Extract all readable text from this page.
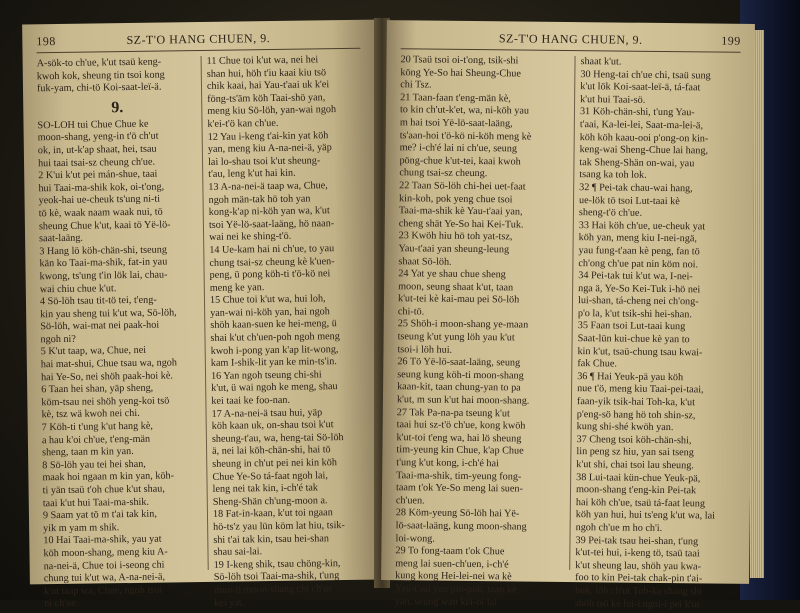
198	SZ-T'O HANG CHUEN, 9.
A-sök-to ch'ue, k'ut tsaü keng-
kwoh kok, sheung tin tsoi kong
fuk-yam, chi-tö Koi-saat-leï-ä.
9.
SO-LOH tui Chue Chue ke
moon-shang, yeng-in t'ö ch'ut
ok, in, ut-k'ap shaat, hei, tsau
hui taai tsai-sz cheung ch'ue.
2 K'ui k'ut pei mán-shue, taai
hui Taai-ma-shik kok, oi-t'ong,
yeok-hai ue-cheuk ts'ung ni-ti
tö kè, waak naam waak nui, tö
sheung Chue k'ut, kaai tö Yë-lö-
saat-laäng.
3 Hang lö köh-chän-shi, tseung
kän ko Taai-ma-shik, fat-in yau
kwong, ts'ung t'in lök lai, chau-
wai chiu chue k'ut.
4 Sö-löh tsau tit-tö tei, t'eng-
kin yau sheng tui k'ut wa, Sö-löh,
Sö-löh, wai-mat nei paak-hoi
ngoh ni?
5 K'ut taap, wa, Chue, nei
hai mat-shui, Chue tsau wa, ngoh
hai Ye-So, nei shöh paak-hoi kè.
6 Taan hei shan, yäp sheng,
köm-tsau nei shöh yeng-koi tsö
kè, tsz wä kwoh nei chi.
7 Köh-ti t'ung k'ut hang kè,
a hau k'oi ch'ue, t'eng-män
sheng, taan m kin yan.
8 Sö-löh yau tei hei shan,
maak hoi ngaan m kin yan, köh-
ti yän tsaü t'oh chue k'ut shau,
taai k'ut hui Taai-ma-shik.
9 Saam yat tö m t'ai tak kin,
yik m yam m shik.
10 Hai Taai-ma-shik, yau yat
köh moon-shang, meng kiu A-
na-nei-ä, Chue toi i-seong chi
chung tui k'ut wa, A-na-nei-ä,
k'ut taap wa, Chue, ngoh tsoi
ni ch'ue.
11 Chue toi k'ut wa, nei hei
shan hui, höh t'iu kaai kiu tsö
chik kaai, hai Yau-t'aai uk k'ei
föng-ts'äm köh Taai-shö yan,
meng kiu Sö-löh, yan-wai ngoh
k'ei-t'ö kan ch'ue.
12 Yau i-keng t'ai-kin yat köh
yan, meng kiu A-na-nei-ä, yäp
lai lo-shau tsoi k'ut sheung-
t'au, leng k'ut hai kin.
13 A-na-nei-ä taap wa, Chue,
ngoh män-tak hö toh yan
kong-k'ap ni-köh yan wa, k'ut
tsoi Yë-lö-saat-laäng, hö naan-
wai nei ke shing-t'ö.
14 Ue-kam hai ni ch'ue, to yau
chung tsai-sz cheung kè k'uen-
peng, ü pong köh-ti t'ö-kö nei
meng ke yan.
15 Chue toi k'ut wa, hui loh,
yan-wai ni-köh yan, hai ngoh
shöh kaan-suen ke hei-meng, ü
shai k'ut ch'uen-poh ngoh meng
kwoh i-pong yan k'ap lit-wong,
kam I-shik-lit yan ke min-ts'in.
16 Yan ngoh tseung chi-shi
k'ut, ü wai ngoh ke meng, shau
kei taai ke foo-nan.
17 A-na-nei-ä tsau hui, yäp
köh kaan uk, on-shau tsoi k'ut
sheung-t'au, wa, heng-tai Sö-löh
ä, nei lai köh-chän-shi, hai tö
sheung in ch'ut pei nei kin köh
Chue Ye-So tá-faat ngoh lai,
leng nei tak kin, i-ch'é tak
Sheng-Shän ch'ung-moon a.
18 Fat-in-kaan, k'ut toi ngaan
hö-ts'z yau lün köm lat hiu, tsik-
shi t'ai tak kin, tsau hei-shan
shau sai-lai.
19 I-keng shik, tsau chöng-kin,
Sö-löh tsoi Taai-ma-shik, t'ung
mun-ti moon-shang chi ch'ue
kei yat.
SZ-T'O HANG CHUEN, 9.	199
20 Tsaü tsoi oi-t'ong, tsik-shi
köng Ye-So hai Sheung-Chue
chi Tsz.
21 Taan-faan t'eng-män kè,
to kin ch'ut-k'et, wa, ni-köh yau
m hai tsoi Yë-lö-saat-laäng,
ts'aan-hoi t'ö-kö ni-köh meng kè
me? i-ch'é lai ni ch'ue, seung
pöng-chue k'ut-tei, kaai kwoh
chung tsai-sz cheung.
22 Taan Sö-löh chi-hei uet-faat
kin-koh, pok yeng chue tsoi
Taai-ma-shik kè Yau-t'aai yan,
cheng shät Ye-So hai Kei-Tuk.
23 Kwöh hiu hö toh yat-tsz,
Yau-t'aai yan sheung-leung
shaat Sö-löh.
24 Yat ye shau chue sheng
moon, seung shaat k'ut, taan
k'ut-tei kè kai-mau pei Sö-löh
chi-tö.
25 Shöh-i moon-shang ye-maan
tseung k'ut yung löh yau k'ut
tsoi-i löh hui.
26 Tö Yë-lö-saat-laäng, seung
seung kung köh-ti moon-shang
kaan-kit, taan chung-yan to pa
k'ut, m sun k'ut hai moon-shang.
27 Tak Pa-na-pa tseung k'ut
taai hui sz-t'ö ch'ue, kong kwöh
k'ut-toi t'eng wa, hai lö sheung
tim-yeung kin Chue, k'ap Chue
t'ung k'ut kong, i-ch'é hai
Taai-ma-shik, tim-yeung fong-
taam t'ok Ye-So meng lai suen-
ch'uen.
28 Köm-yeung Sö-löh hai Yë-
lö-saat-laäng, kung moon-shang
loi-wong.
29 To fong-taam t'ok Chue
meng lai suen-ch'uen, i-ch'é
kung kong Hei-lei-nei wa kè
Yau-t'aai yan pin-pok, taan kè
yan, seung wan kei-oi lai
shaat k'ut.
30 Heng-tai ch'ue chi, tsaü sung
k'ut lök Koi-saat-leï-ä, tá-faat
k'ut hui Taai-sö.
31 Köh-chän-shi, t'ung Yau-
t'aai, Ka-lei-lei, Saat-ma-lei-ä,
köh köh kaau-ooi p'ong-on kin-
keng-wai Sheng-Chue lai hang,
tak Sheng-Shän on-wai, yau
tsang ka toh lok.
32 ¶ Pei-tak chau-wai hang,
ue-lök tö tsoi Lut-taai kè
sheng-t'ö ch'ue.
33 Hai köh ch'ue, ue-cheuk yat
köh yan, meng kiu I-nei-ngä,
yau fung-t'aan kè peng, fan tö
ch'ong ch'ue pat nin köm noi.
34 Pei-tak tui k'ut wa, I-nei-
nga ä, Ye-So Kei-Tuk i-hö nei
lui-shan, tá-cheng nei ch'ong-
p'o la, k'ut tsik-shi hei-shan.
35 Faan tsoi Lut-taai kung
Saat-lün kui-chue kè yan to
kin k'ut, tsaü-chung tsau kwai-
fak Chue.
36 ¶ Hai Yeuk-pä yau köh
nue t'ö, meng kiu Taai-pei-taai,
faan-yik tsik-hai Toh-ka, k'ut
p'eng-sö hang hö toh shin-sz,
kung shi-shé kwöh yan.
37 Cheng tsoi köh-chän-shi,
lin peng sz hiu, yan sai tseng
k'ut shi, chai tsoi lau sheung.
38 Lui-taai kün-chue Yeuk-pä,
moon-shang t'eng-kin Pei-tak
hai köh ch'ue, tsaü tá-faat leung
köh yan hui, hui ts'eng k'ut wa, lai
ngoh ch'ue m ho ch'i.
39 Pei-tak tsau hei-shan, t'ung
k'ut-tei hui, i-keng tö, tsaü taai
k'ut sheung lau, shöh yau kwa-
foo to kin Pei-tak chak-pin t'ai-
huk, löh ch'ut Toh-ka shang shi
shöh tsö kè lui-i ngoi-i pei k'ut
